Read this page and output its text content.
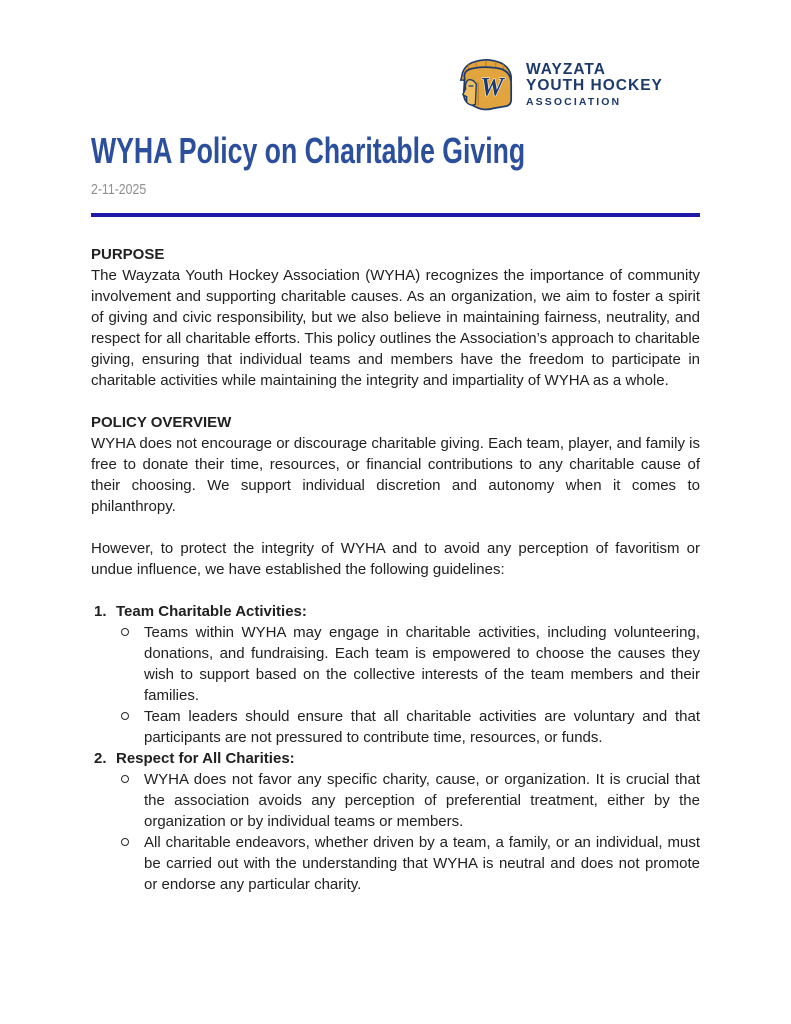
W
WAYZATA
YOUTH HOCKEY
ASSOCIATION
WYHA Policy on Charitable Giving
2-11-2025
PURPOSE

The Wayzata Youth Hockey Association (WYHA) recognizes the importance of community involvement and supporting charitable causes. As an organization, we aim to foster a spirit of giving and civic responsibility, but we also believe in maintaining fairness, neutrality, and respect for all charitable efforts. This policy outlines the Association’s approach to charitable giving, ensuring that individual teams and members have the freedom to participate in charitable activities while maintaining the integrity and impartiality of WYHA as a whole.

POLICY OVERVIEW

WYHA does not encourage or discourage charitable giving. Each team, player, and family is free to donate their time, resources, or financial contributions to any charitable cause of their choosing. We support individual discretion and autonomy when it comes to philanthropy.

However, to protect the integrity of WYHA and to avoid any perception of favoritism or undue influence, we have established the following guidelines:

1. Team Charitable Activities:
Teams within WYHA may engage in charitable activities, including volunteering, donations, and fundraising. Each team is empowered to choose the causes they wish to support based on the collective interests of the team members and their families.
Team leaders should ensure that all charitable activities are voluntary and that participants are not pressured to contribute time, resources, or funds.
2. Respect for All Charities:
WYHA does not favor any specific charity, cause, or organization. It is crucial that the association avoids any perception of preferential treatment, either by the organization or by individual teams or members.
All charitable endeavors, whether driven by a team, a family, or an individual, must be carried out with the understanding that WYHA is neutral and does not promote or endorse any particular charity.
